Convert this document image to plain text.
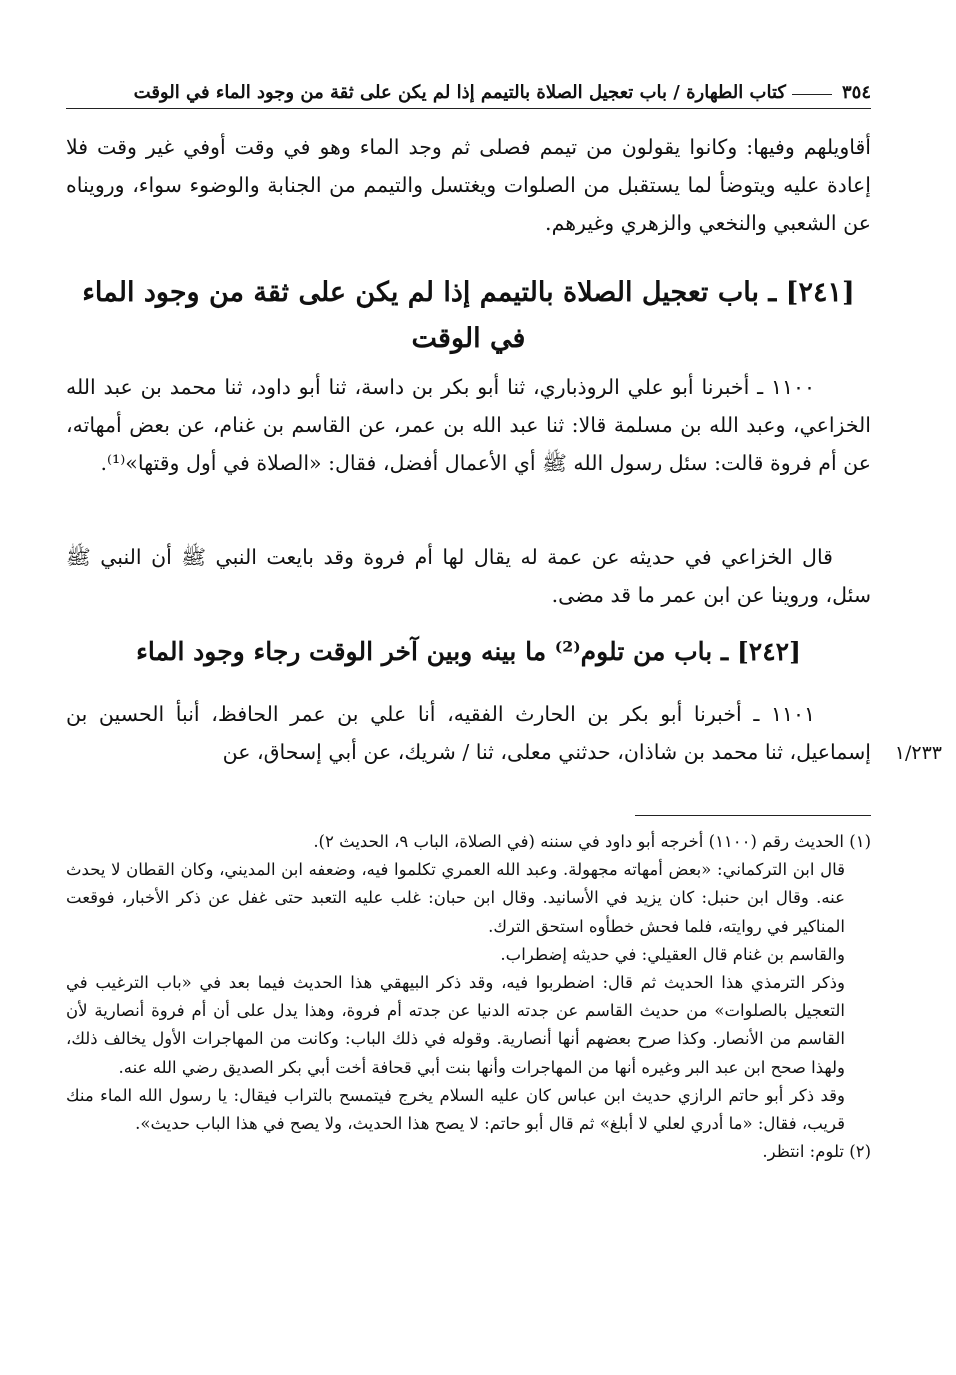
٣٥٤
كتاب الطهارة / باب تعجيل الصلاة بالتيمم إذا لم يكن على ثقة من وجود الماء في الوقت
أقاويلهم وفيها: وكانوا يقولون من تيمم فصلى ثم وجد الماء وهو في وقت أوفي غير وقت فلا إعادة عليه ويتوضأ لما يستقبل من الصلوات ويغتسل والتيمم من الجنابة والوضوء سواء، ورويناه عن الشعبي والنخعي والزهري وغيرهم.
[٢٤١] ـ باب تعجيل الصلاة بالتيمم إذا لم يكن على ثقة من وجود الماء في الوقت
١١٠٠ ـ أخبرنا أبو علي الروذباري، ثنا أبو بكر بن داسة، ثنا أبو داود، ثنا محمد بن عبد الله الخزاعي، وعبد الله بن مسلمة قالا: ثنا عبد الله بن عمر، عن القاسم بن غنام، عن بعض أمهاته، عن أم فروة قالت: سئل رسول الله ﷺ أي الأعمال أفضل، فقال: «الصلاة في أول وقتها»⁽¹⁾.
قال الخزاعي في حديثه عن عمة له يقال لها أم فروة وقد بايعت النبي ﷺ أن النبي ﷺ سئل، وروينا عن ابن عمر ما قد مضى.
[٢٤٢] ـ باب من تلوم⁽²⁾ ما بينه وبين آخر الوقت رجاء وجود الماء
١١٠١ ـ أخبرنا أبو بكر بن الحارث الفقيه، أنا علي بن عمر الحافظ، أنبأ الحسين بن إسماعيل، ثنا محمد بن شاذان، حدثني معلى، ثنا / شريك، عن أبي إسحاق، عن	١/٢٣٣
(١) الحديث رقم (١١٠٠) أخرجه أبو داود في سننه (في الصلاة، الباب ٩، الحديث ٢).
قال ابن التركماني: «بعض أمهاته مجهولة. وعبد الله العمري تكلموا فيه، وضعفه ابن المديني، وكان القطان لا يحدث عنه. وقال ابن حنبل: كان يزيد في الأسانيد. وقال ابن حبان: غلب عليه التعبد حتى غفل عن ذكر الأخبار، فوقعت المناكير في روايته، فلما فحش خطأوه استحق الترك.
والقاسم بن غنام قال العقيلي: في حديثه إضطراب.
وذكر الترمذي هذا الحديث ثم قال: اضطربوا فيه، وقد ذكر البيهقي هذا الحديث فيما بعد في «باب الترغيب في التعجيل بالصلوات» من حديث القاسم عن جدته الدنيا عن جدته أم فروة، وهذا يدل على أن أم فروة أنصارية لأن القاسم من الأنصار. وكذا صرح بعضهم أنها أنصارية. وقوله في ذلك الباب: وكانت من المهاجرات الأول يخالف ذلك، ولهذا صحح ابن عبد البر وغيره أنها من المهاجرات وأنها بنت أبي قحافة أخت أبي بكر الصديق رضي الله عنه.
وقد ذكر أبو حاتم الرازي حديث ابن عباس كان عليه السلام يخرج فيتمسح بالتراب فيقال: يا رسول الله الماء منك قريب، فقال: «ما أدري لعلي لا أبلغ» ثم قال أبو حاتم: لا يصح هذا الحديث، ولا يصح في هذا الباب حديث».
(٢) تلوم: انتظر.
